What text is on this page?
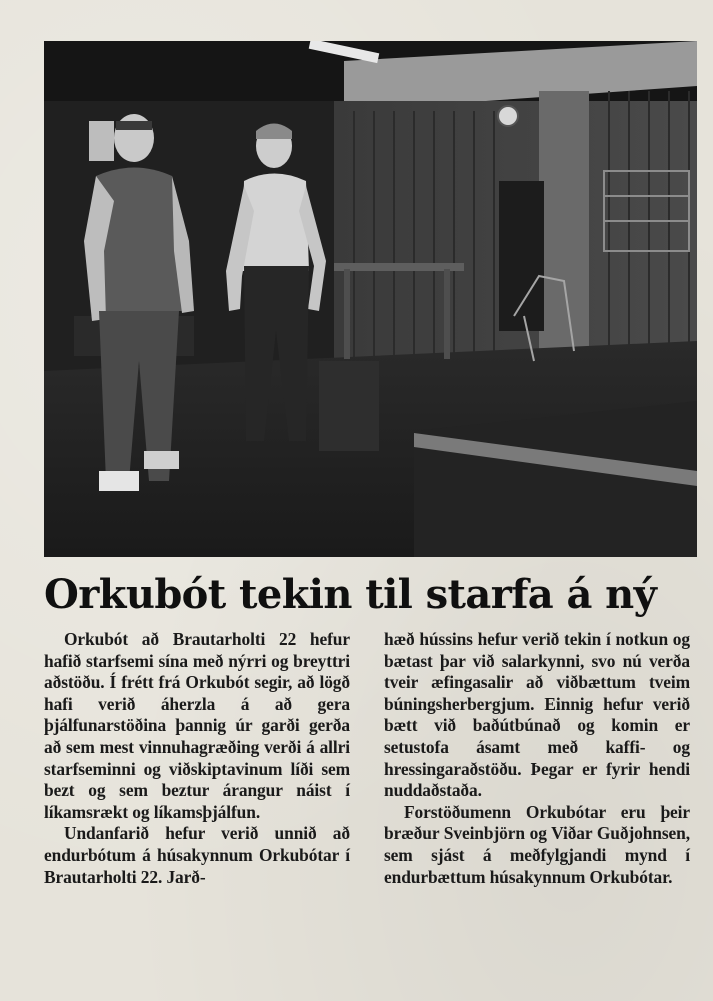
Orkubót tekin til starfa á ný

Orkubót að Brautarholti 22 hefur hafið starfsemi sína með nýrri og breyttri aðstöðu. Í frétt frá Orkubót segir, að lögð hafi verið áherzla á að gera þjálfunarstöðina þannig úr garði gerða að sem mest vinnuhagræðing verði á allri starfseminni og viðskiptavinum líði sem bezt og sem beztur árangur náist í líkamsrækt og líkamsþjálfun.

Undanfarið hefur verið unnið að endurbótum á húsakynnum Orkubótar í Brautarholti 22. Jarð-

hæð hússins hefur verið tekin í notkun og bætast þar við salarkynni, svo nú verða tveir æfingasalir að viðbættum tveim búningsherbergjum. Einnig hefur verið bætt við baðútbúnað og komin er setustofa ásamt með kaffi- og hressingaraðstöðu. Þegar er fyrir hendi nuddaðstaða.

Forstöðumenn Orkubótar eru þeir bræður Sveinbjörn og Viðar Guðjohnsen, sem sjást á meðfylgjandi mynd í endurbættum húsakynnum Orkubótar.
